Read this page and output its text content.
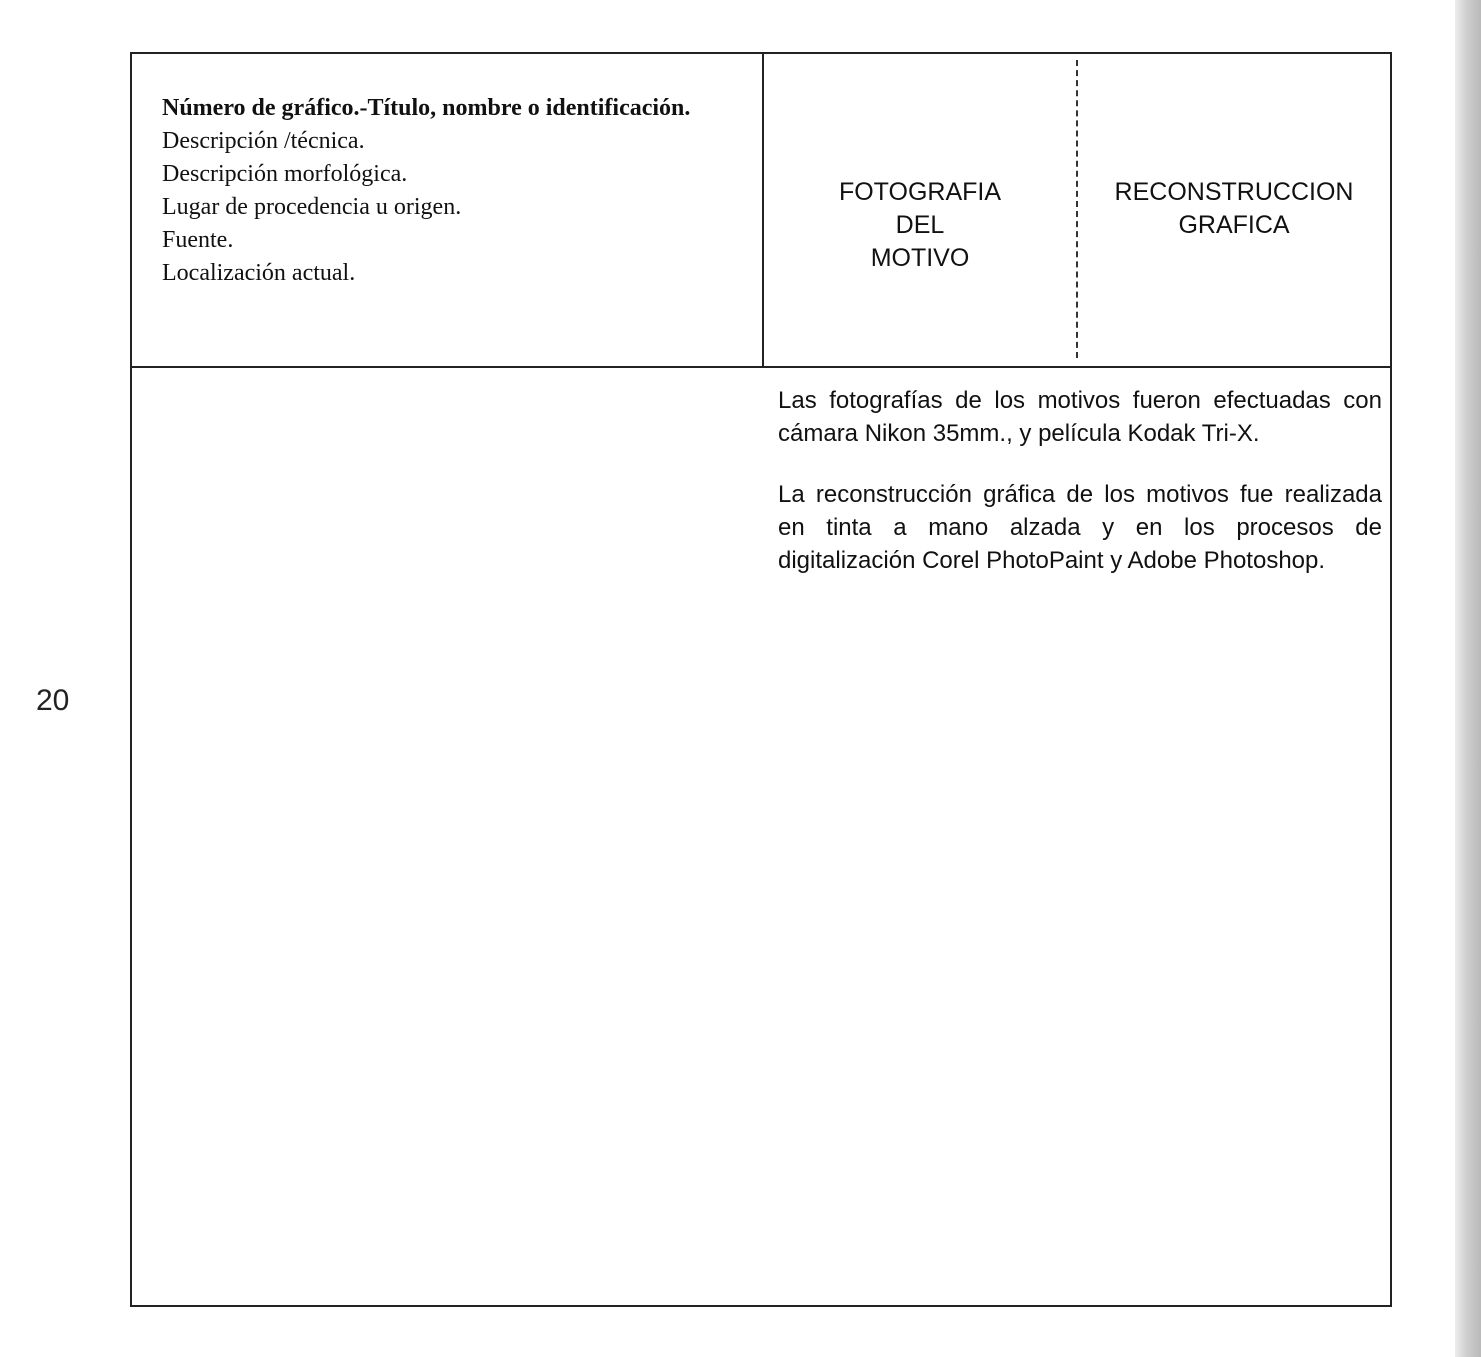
20
Número de gráfico.-Título, nombre o identificación.
Descripción /técnica.
Descripción morfológica.
Lugar de procedencia u origen.
Fuente.
Localización actual.
FOTOGRAFIA
DEL
MOTIVO
RECONSTRUCCION
GRAFICA

Las fotografías de los motivos fueron efectuadas con cámara Nikon 35mm., y película Kodak Tri-X.

La reconstrucción gráfica de los motivos fue realizada en tinta a mano alzada y en los procesos de digitalización Corel PhotoPaint y Adobe Photoshop.
